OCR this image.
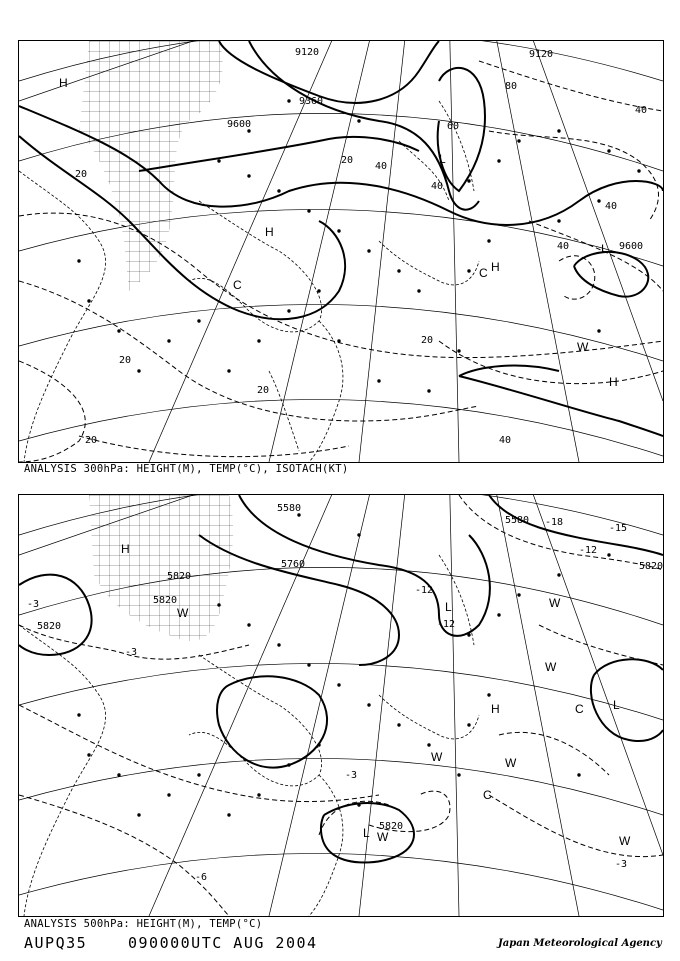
9120
9360
9600
9600
9120
20
20
20
20
20
20
40
40
40
40
40
40
60
80
H
H
H
H
L
L
C
C
W
ANALYSIS 300hPa: HEIGHT(M), TEMP(°C), ISOTACH(KT)
5580
5760
5820
5820
5820
5820
5820
5580
-12
-12
-3
-3
-6
-15
-18
-3
-3
-12
H
H
L
L
L
W
W
W	W
W
W
W
C
C
ANALYSIS 500hPa: HEIGHT(M), TEMP(°C)
AUPQ35	090000UTC AUG 2004	Japan Meteorological Agency
